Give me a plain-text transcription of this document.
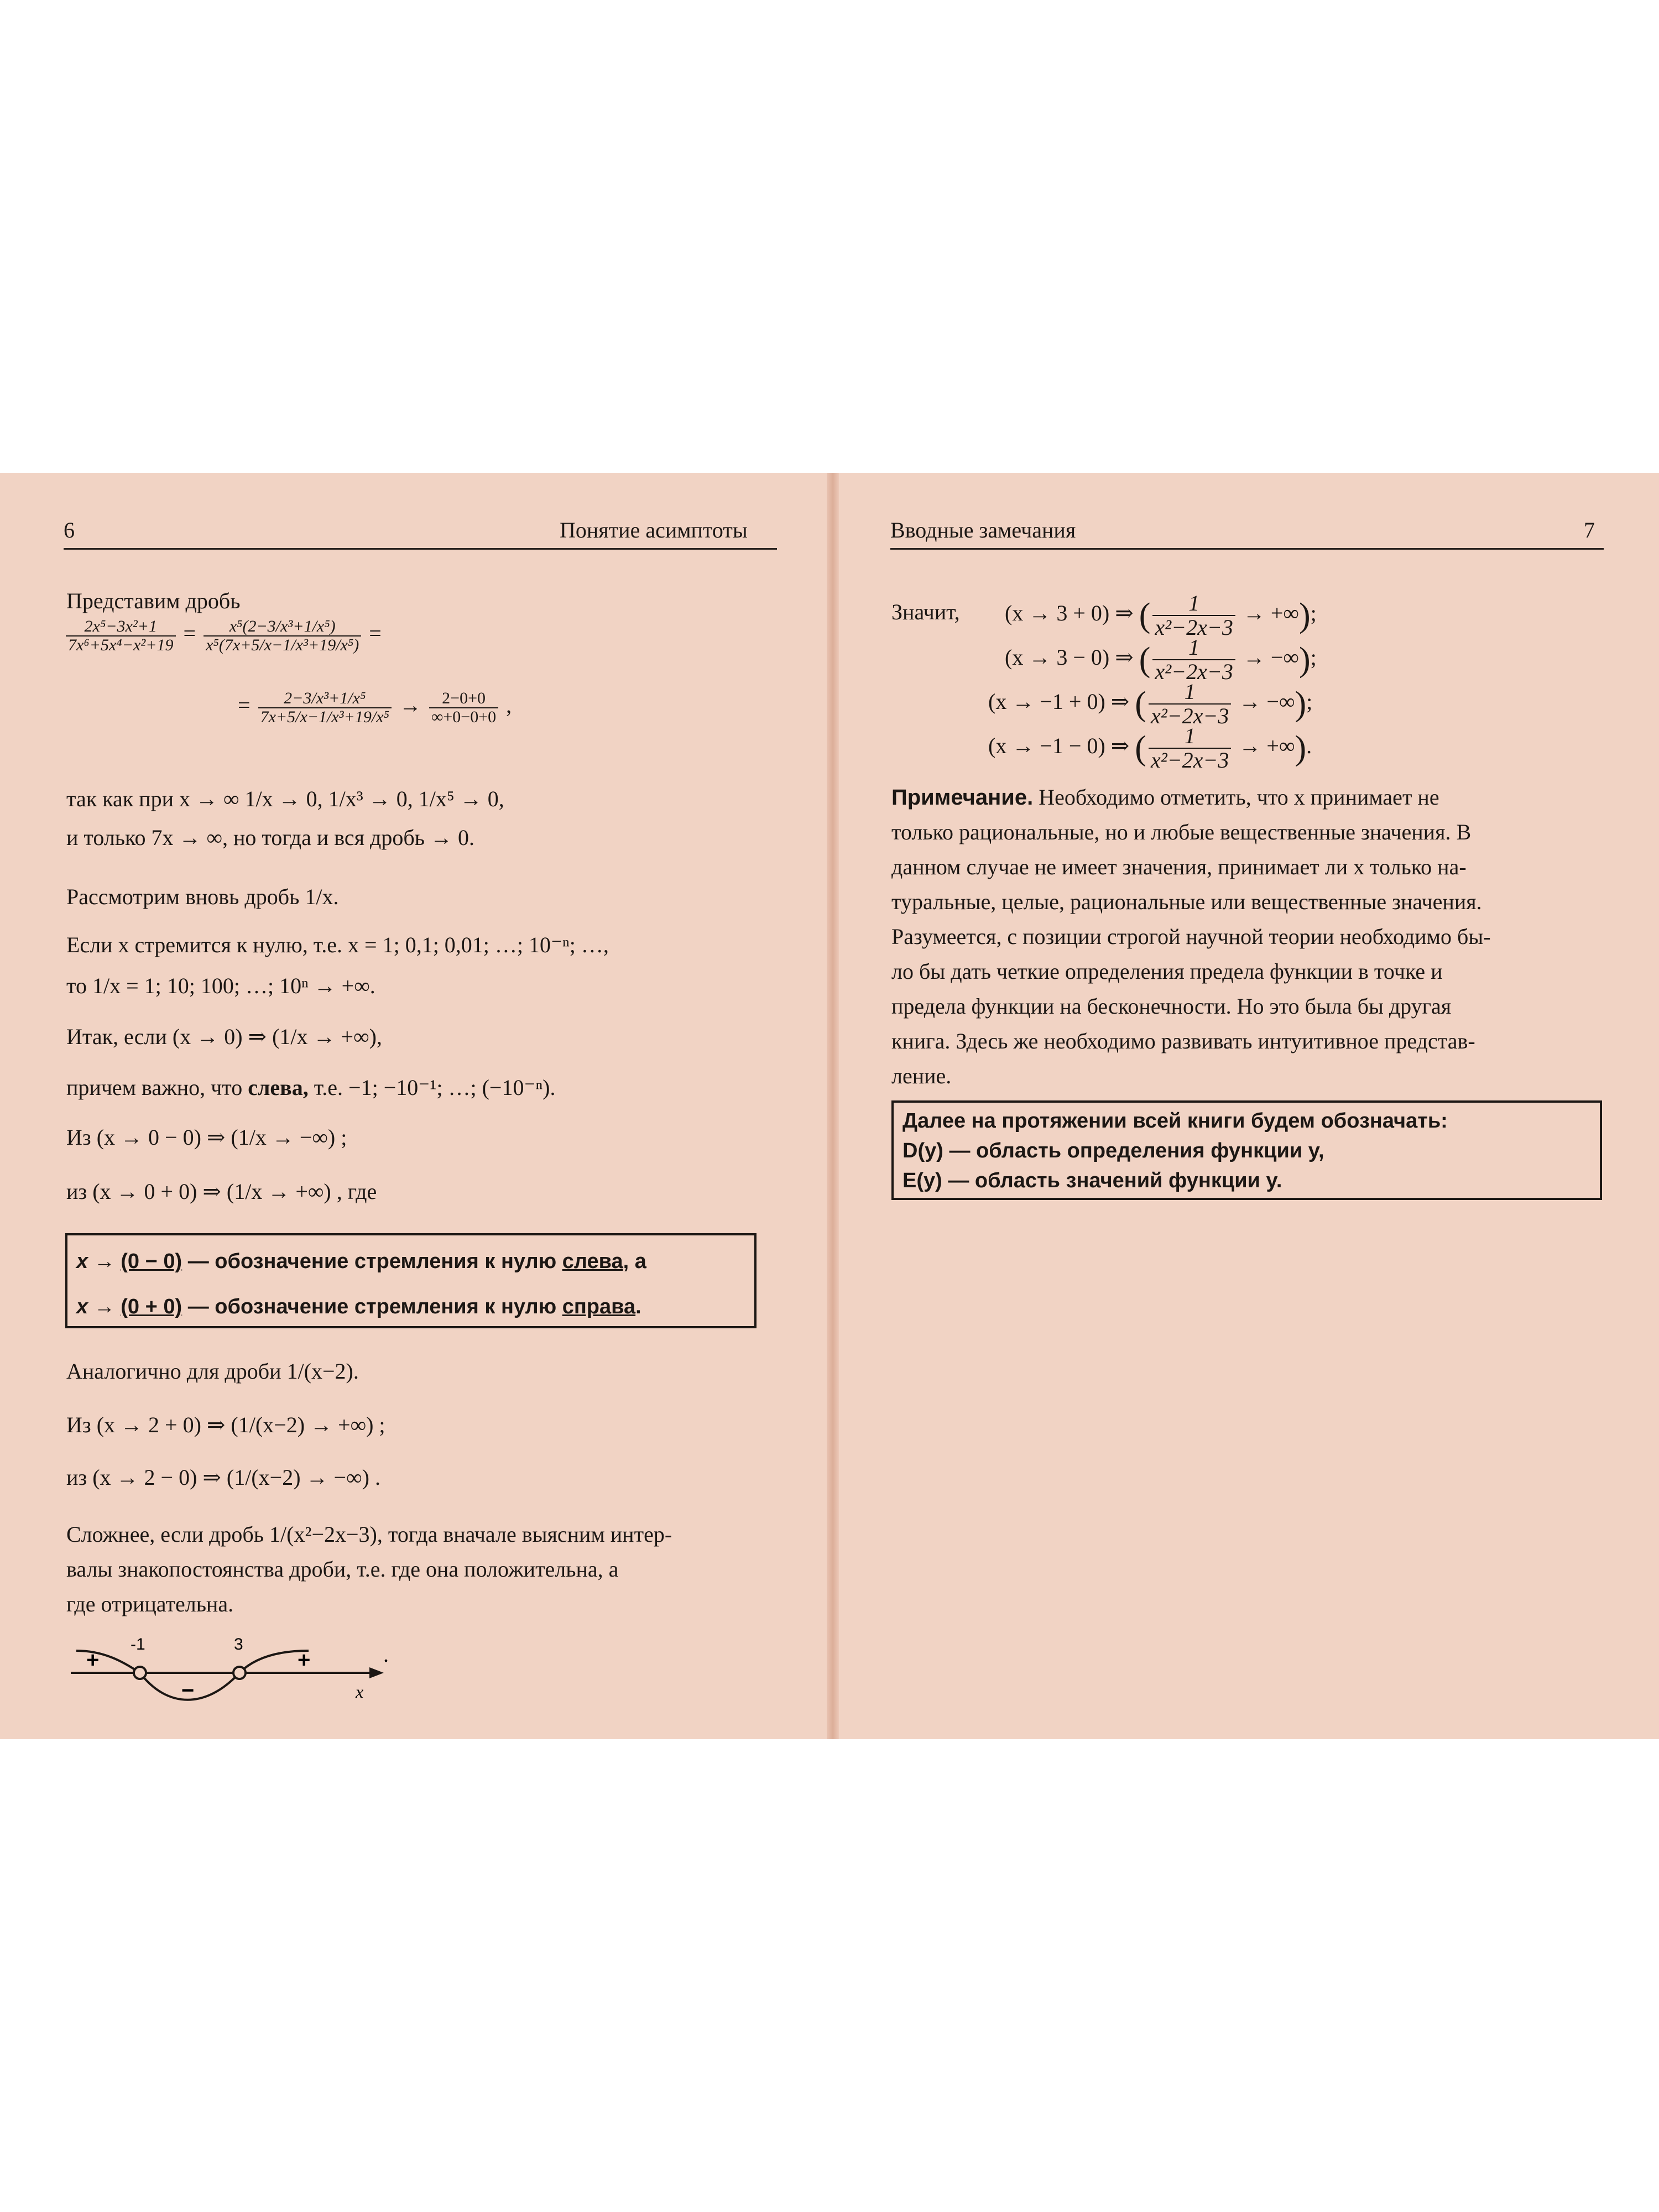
6	Понятие асимптоты
Представим дробь
$\frac{\text{2x⁵−3x²+1}}{\text{7x⁶+5x⁴−x²+19}} = \frac{\text{x⁵(2−3/x³+1/x⁵)}}{\text{x⁵(7x+5/x−1/x³+19/x⁵)}}$ =
= $\frac{\text{2−3/x³+1/x⁵}}{\text{7x+5/x−1/x³+19/x⁵}} \to \frac{2-0+0}{\infty+0-0+0}$ ,
так как при x → ∞ 1/x → 0, 1/x³ → 0, 1/x⁵ → 0,
и только 7x → ∞, но тогда и вся дробь → 0.
Рассмотрим вновь дробь 1/x.
Если x стремится к нулю, т.е. x = 1; 0,1; 0,01; …; 10⁻ⁿ; …,
то 1/x = 1; 10; 100; …; 10ⁿ → +∞.
Итак, если (x → 0) ⇒ (1/x → +∞),
причем важно, что слева, т.е. −1; −10⁻¹; …; (−10⁻ⁿ).
Из (x → 0 − 0) ⇒ (1/x → −∞) ;
из (x → 0 + 0) ⇒ (1/x → +∞) , где
x → (0 − 0) — обозначение стремления к нулю слева, а
x → (0 + 0) — обозначение стремления к нулю справа.
Аналогично для дроби 1/(x−2).
Из (x → 2 + 0) ⇒ (1/(x−2) → +∞) ;
из (x → 2 − 0) ⇒ (1/(x−2) → −∞) .
Сложнее, если дробь 1/(x²−2x−3), тогда вначале выясним интер-
валы знакопостоянства дроби, т.е. где она положительна, а
где отрицательна.
+
−
+
-1	3
x
.
Вводные замечания	7
Значит, (x → 3 + 0) ⇒ ( $\frac{1}{\text{x²−2x−3}}$ → +∞);
(x → 3 − 0) ⇒ ( $\frac{1}{\text{x²−2x−3}}$ → −∞);
(x → −1 + 0) ⇒ ( $\frac{1}{\text{x²−2x−3}}$ → −∞);
(x → −1 − 0) ⇒ ( $\frac{1}{\text{x²−2x−3}}$ → +∞).
Примечание. Необходимо отметить, что x принимает не
только рациональные, но и любые вещественные значения. В
данном случае не имеет значения, принимает ли x только на-
туральные, целые, рациональные или вещественные значения.
Разумеется, с позиции строгой научной теории необходимо бы-
ло бы дать четкие определения предела функции в точке и
предела функции на бесконечности. Но это была бы другая
книга. Здесь же необходимо развивать интуитивное представ-
ление.
Далее на протяжении всей книги будем обозначать:
D(y) — область определения функции y,
E(y) — область значений функции y.
